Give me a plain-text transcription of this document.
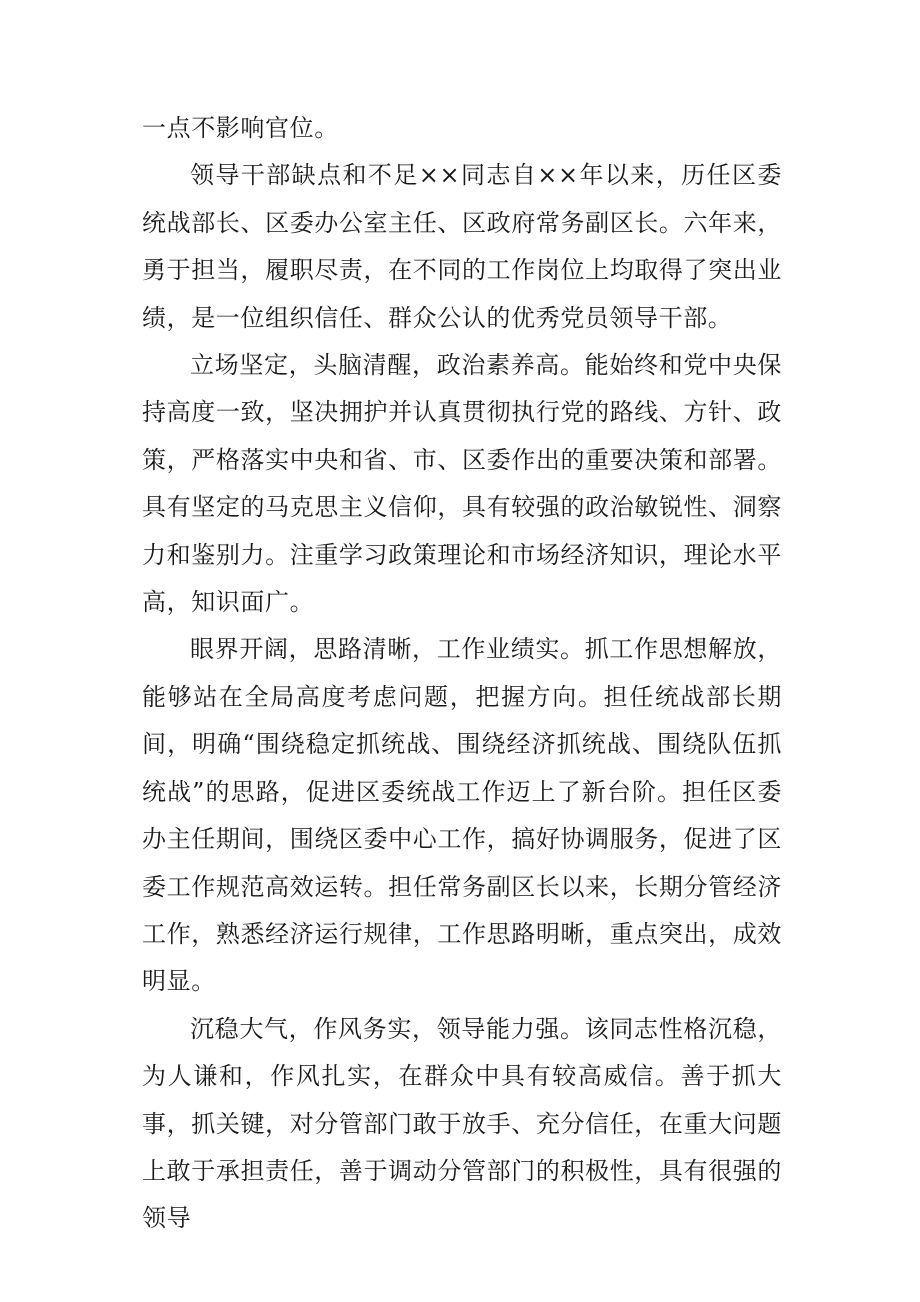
一点不影响官位。

领导干部缺点和不足××同志自××年以来，历任区委统战部长、区委办公室主任、区政府常务副区长。六年来，勇于担当，履职尽责，在不同的工作岗位上均取得了突出业绩，是一位组织信任、群众公认的优秀党员领导干部。

立场坚定，头脑清醒，政治素养高。能始终和党中央保持高度一致，坚决拥护并认真贯彻执行党的路线、方针、政策，严格落实中央和省、市、区委作出的重要决策和部署。具有坚定的马克思主义信仰，具有较强的政治敏锐性、洞察力和鉴别力。注重学习政策理论和市场经济知识，理论水平高，知识面广。

眼界开阔，思路清晰，工作业绩实。抓工作思想解放，能够站在全局高度考虑问题，把握方向。担任统战部长期间，明确“围绕稳定抓统战、围绕经济抓统战、围绕队伍抓统战”的思路，促进区委统战工作迈上了新台阶。担任区委办主任期间，围绕区委中心工作，搞好协调服务，促进了区委工作规范高效运转。担任常务副区长以来，长期分管经济工作，熟悉经济运行规律，工作思路明晰，重点突出，成效明显。

沉稳大气，作风务实，领导能力强。该同志性格沉稳，为人谦和，作风扎实，在群众中具有较高威信。善于抓大事，抓关键，对分管部门敢于放手、充分信任，在重大问题上敢于承担责任，善于调动分管部门的积极性，具有很强的领导
